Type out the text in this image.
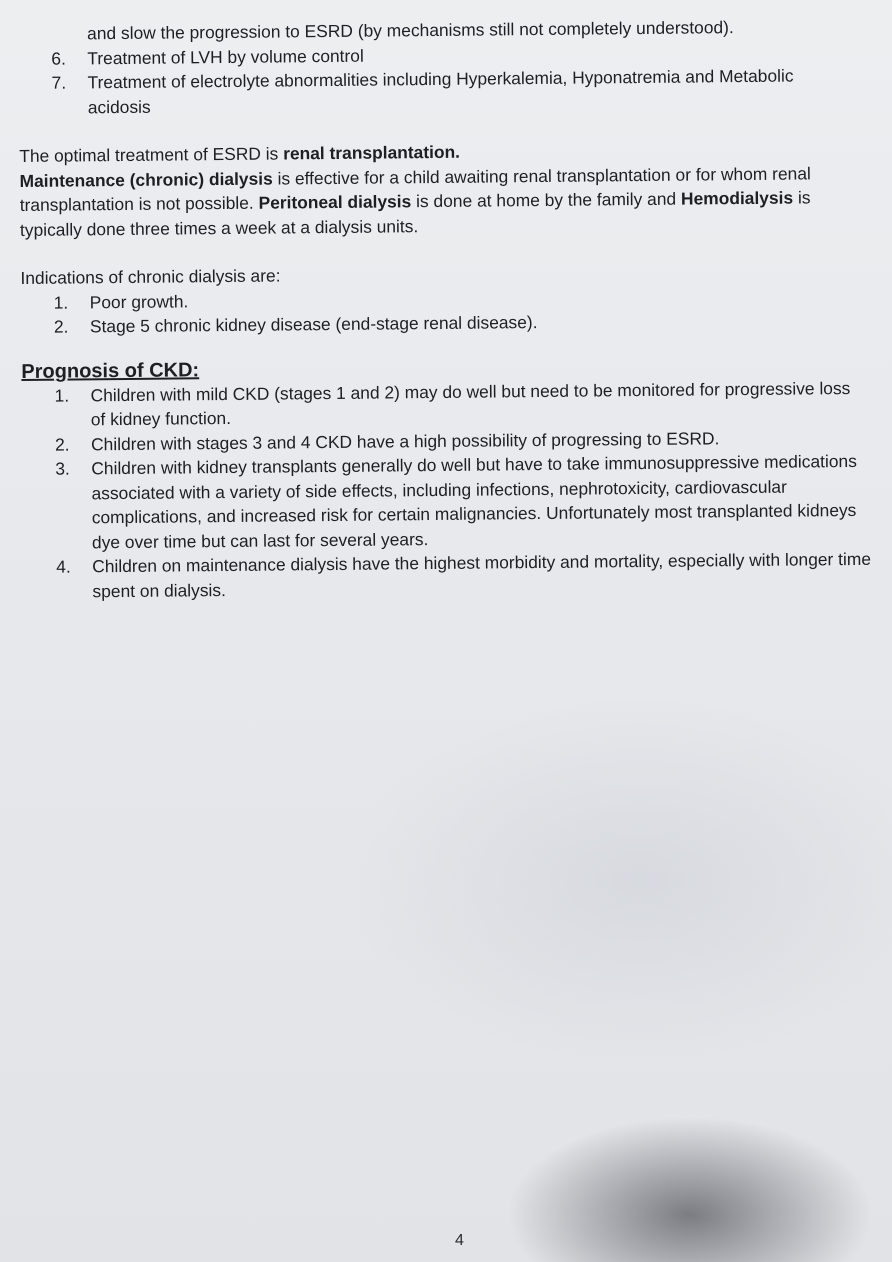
and slow the progression to ESRD (by mechanisms still not completely understood).

6. Treatment of LVH by volume control
7. Treatment of electrolyte abnormalities including Hyperkalemia, Hyponatremia and Metabolic acidosis

The optimal treatment of ESRD is renal transplantation.

Maintenance (chronic) dialysis is effective for a child awaiting renal transplantation or for whom renal transplantation is not possible. Peritoneal dialysis is done at home by the family and Hemodialysis is typically done three times a week at a dialysis units.

Indications of chronic dialysis are:

1. Poor growth.
2. Stage 5 chronic kidney disease (end-stage renal disease).
Prognosis of CKD:
1. Children with mild CKD (stages 1 and 2) may do well but need to be monitored for progressive loss of kidney function.
2. Children with stages 3 and 4 CKD have a high possibility of progressing to ESRD.
3. Children with kidney transplants generally do well but have to take immunosuppressive medications associated with a variety of side effects, including infections, nephrotoxicity, cardiovascular complications, and increased risk for certain malignancies. Unfortunately most transplanted kidneys dye over time but can last for several years.
4. Children on maintenance dialysis have the highest morbidity and mortality, especially with longer time spent on dialysis.
4
